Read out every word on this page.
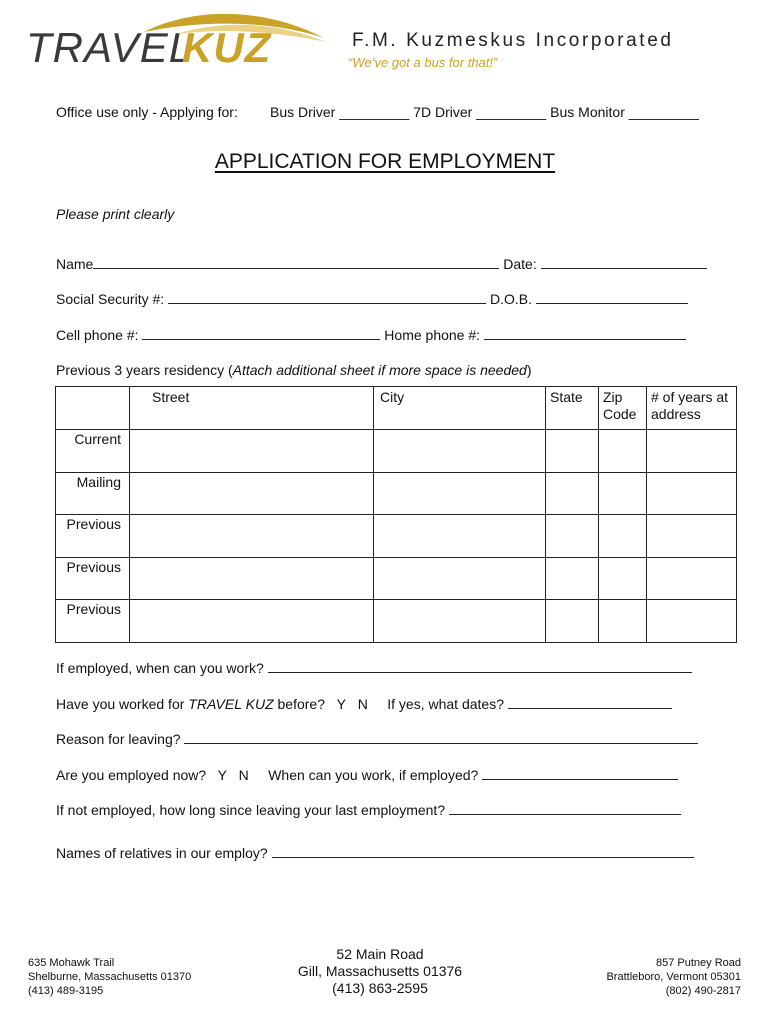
TRAVEL
KUZ	F.M. Kuzmeskus Incorporated
“We’ve got a bus for that!”
Office use only - Applying for: Bus Driver _________ 7D Driver _________ Bus Monitor _________
APPLICATION FOR EMPLOYMENT
Please print clearly
Name	Date:
Social Security #:	D.O.B.
Cell phone #:	Home phone #:
Previous 3 years residency (Attach additional sheet if more space is needed)

	Street	City	State	Zip Code	# of years at address

Current					

Mailing					

Previous					

Previous					

Previous					

If employed, when can you work?
Have you worked for TRAVEL KUZ before? Y N If yes, what dates?
Reason for leaving?
Are you employed now? Y N When can you work, if employed?
If not employed, how long since leaving your last employment?
Names of relatives in our employ?
635 Mohawk Trail
Shelburne, Massachusetts 01370
(413) 489-3195
52 Main Road
Gill, Massachusetts 01376
(413) 863-2595
857 Putney Road
Brattleboro, Vermont 05301
(802) 490-2817
